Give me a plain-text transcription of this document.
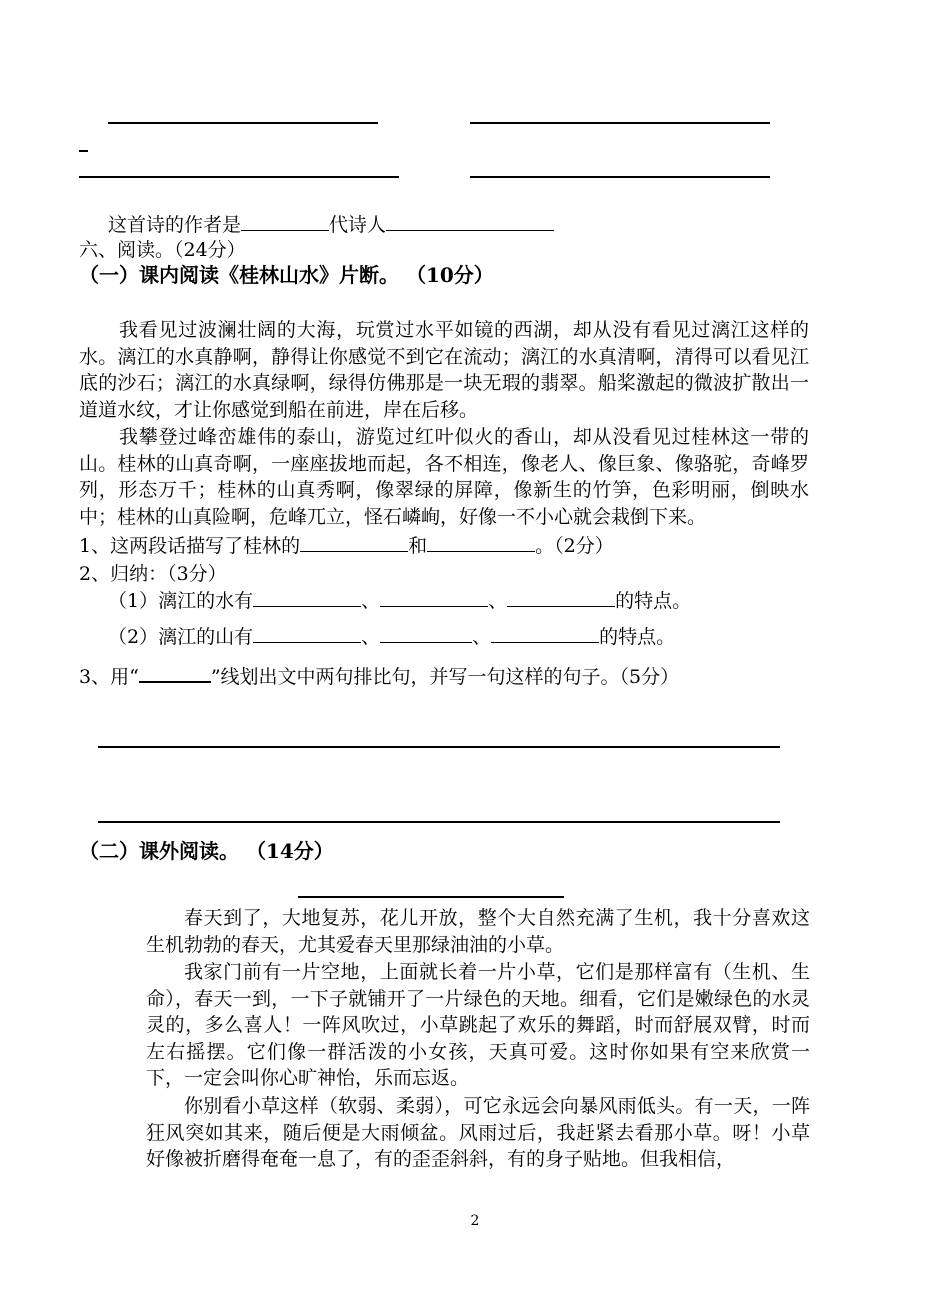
这首诗的作者是	代诗人
六、阅读。（24分）
（一）课内阅读《桂林山水》片断。 （10分）
我看见过波澜壮阔的大海，玩赏过水平如镜的西湖，却从没有看见过漓江这样的水。漓江的水真静啊，静得让你感觉不到它在流动；漓江的水真清啊，清得可以看见江底的沙石；漓江的水真绿啊，绿得仿佛那是一块无瑕的翡翠。船桨激起的微波扩散出一道道水纹，才让你感觉到船在前进，岸在后移。
我攀登过峰峦雄伟的泰山，游览过红叶似火的香山，却从没看见过桂林这一带的山。桂林的山真奇啊，一座座拔地而起，各不相连，像老人、像巨象、像骆驼，奇峰罗列，形态万千；桂林的山真秀啊，像翠绿的屏障，像新生的竹笋，色彩明丽，倒映水中；桂林的山真险啊，危峰兀立，怪石嶙峋，好像一不小心就会栽倒下来。
1、这两段话描写了桂林的	和	。（2分）
2、归纳：（3分）
（1）漓江的水有	、	、	的特点。
（2）漓江的山有	、	、	的特点。
3、用“	”线划出文中两句排比句，并写一句这样的句子。（5分）
（二）课外阅读。 （14分）
春天到了，大地复苏，花儿开放，整个大自然充满了生机，我十分喜欢这生机勃勃的春天，尤其爱春天里那绿油油的小草。
我家门前有一片空地，上面就长着一片小草，它们是那样富有（生机、生命），春天一到，一下子就铺开了一片绿色的天地。细看，它们是嫩绿色的水灵灵的，多么喜人！一阵风吹过，小草跳起了欢乐的舞蹈，时而舒展双臂，时而左右摇摆。它们像一群活泼的小女孩，天真可爱。这时你如果有空来欣赏一下，一定会叫你心旷神怡，乐而忘返。
你别看小草这样（软弱、柔弱），可它永远会向暴风雨低头。有一天，一阵狂风突如其来，随后便是大雨倾盆。风雨过后，我赶紧去看那小草。呀！小草好像被折磨得奄奄一息了，有的歪歪斜斜，有的身子贴地。但我相信，
2
